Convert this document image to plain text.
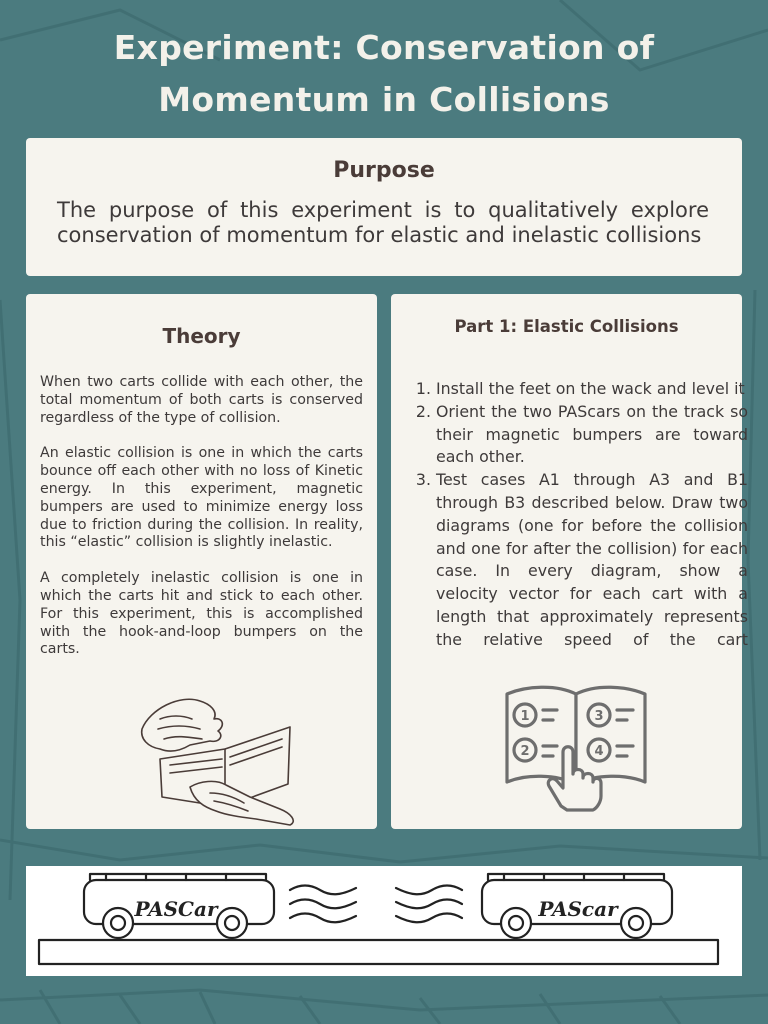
Experiment: Conservation of
Momentum in Collisions
Purpose

The purpose of this experiment is to qualitatively explore conservation of momentum for elastic and inelastic collisions

Theory

When two carts collide with each other, the total momentum of both carts is conserved regardless of the type of collision.

An elastic collision is one in which the carts bounce off each other with no loss of Kinetic energy. In this experiment, magnetic bumpers are used to minimize energy loss due to friction during the collision. In reality, this “elastic” collision is slightly inelastic.

A completely inelastic collision is one in which the carts hit and stick to each other. For this experiment, this is accomplished with the hook-and-loop bumpers on the carts.

Part 1: Elastic Collisions
1. Install the feet on the wack and level it
2. Orient the two PAScars on the track so their magnetic bumpers are toward each other.
3. Test cases A1 through A3 and B1 through B3 described below. Draw two diagrams (one for before the collision and one for after the collision) for each case. In every diagram, show a velocity vector for each cart with a length that approximately represents the relative speed of the cart
1	3
2	4
PASCar	PAScar
